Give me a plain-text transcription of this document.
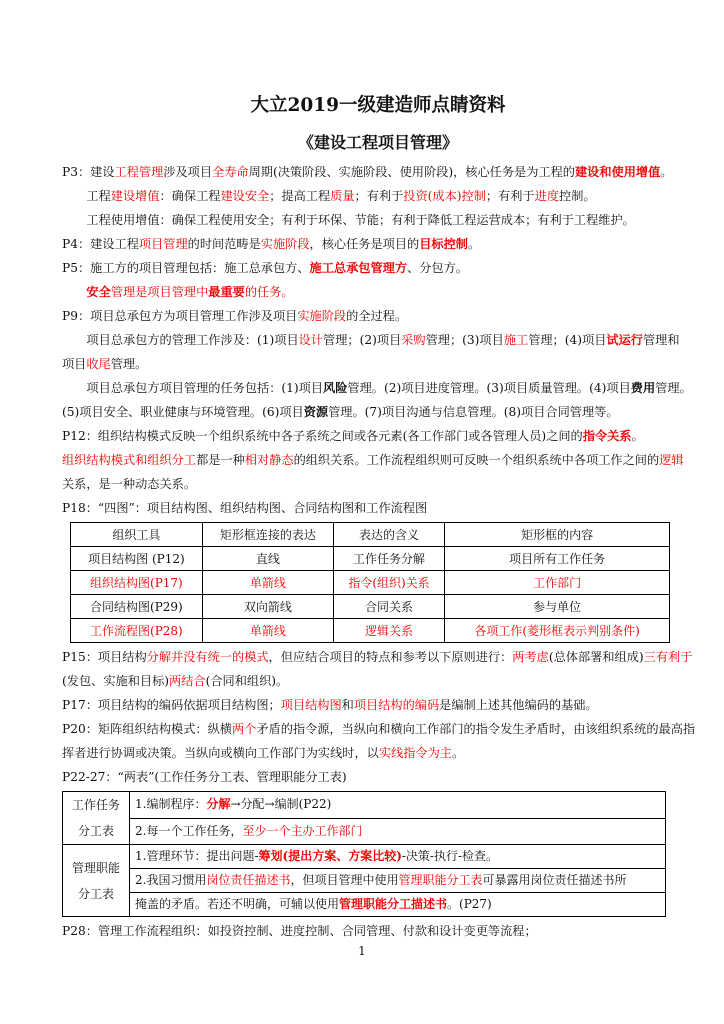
大立2019一级建造师点睛资料
《建设工程项目管理》
P3：建设工程管理涉及项目全寿命周期(决策阶段、实施阶段、使用阶段)，核心任务是为工程的建设和使用增值。
工程建设增值：确保工程建设安全；提高工程质量；有利于投资(成本)控制；有利于进度控制。
工程使用增值：确保工程使用安全；有利于环保、节能；有利于降低工程运营成本；有利于工程维护。
P4：建设工程项目管理的时间范畴是实施阶段，核心任务是项目的目标控制。
P5：施工方的项目管理包括：施工总承包方、施工总承包管理方、分包方。
安全管理是项目管理中最重要的任务。
P9：项目总承包方为项目管理工作涉及项目实施阶段的全过程。
项目总承包方的管理工作涉及：(1)项目设计管理；(2)项目采购管理；(3)项目施工管理；(4)项目试运行管理和
项目收尾管理。
项目总承包方项目管理的任务包括：(1)项目风险管理。(2)项目进度管理。(3)项目质量管理。(4)项目费用管理。
(5)项目安全、职业健康与环境管理。(6)项目资源管理。(7)项目沟通与信息管理。(8)项目合同管理等。
P12：组织结构模式反映一个组织系统中各子系统之间或各元素(各工作部门或各管理人员)之间的指令关系。
组织结构模式和组织分工都是一种相对静态的组织关系。工作流程组织则可反映一个组织系统中各项工作之间的逻辑
关系，是一种动态关系。
P18：“四图”：项目结构图、组织结构图、合同结构图和工作流程图
组织工具	矩形框连接的表达	表达的含义	矩形框的内容
项目结构图 (P12)	直线	工作任务分解	项目所有工作任务
组织结构图(P17)	单箭线	指令(组织)关系	工作部门
合同结构图(P29)	双向箭线	合同关系	参与单位
工作流程图(P28)	单箭线	逻辑关系	各项工作(菱形框表示判别条件)
P15：项目结构分解并没有统一的模式，但应结合项目的特点和参考以下原则进行：两考虑(总体部署和组成)三有利于
(发包、实施和目标)两结合(合同和组织)。
P17：项目结构的编码依据项目结构图；项目结构图和项目结构的编码是编制上述其他编码的基础。
P20：矩阵组织结构模式：纵横两个矛盾的指令源，当纵向和横向工作部门的指令发生矛盾时，由该组织系统的最高指
挥者进行协调或决策。当纵向或横向工作部门为实线时，以实线指令为主。
P22-27：“两表”(工作任务分工表、管理职能分工表)
工作任务
分工表	1.编制程序：分解→分配→编制(P22)
	2.每一个工作任务，至少一个主办工作部门

管理职能
分工表	1.管理环节：提出问题-筹划(提出方案、方案比较)-决策-执行-检查。
	2.我国习惯用岗位责任描述书，但项目管理中使用管理职能分工表可暴露用岗位责任描述书所
	掩盖的矛盾。若还不明确，可辅以使用管理职能分工描述书。(P27)
P28：管理工作流程组织：如投资控制、进度控制、合同管理、付款和设计变更等流程；
1
